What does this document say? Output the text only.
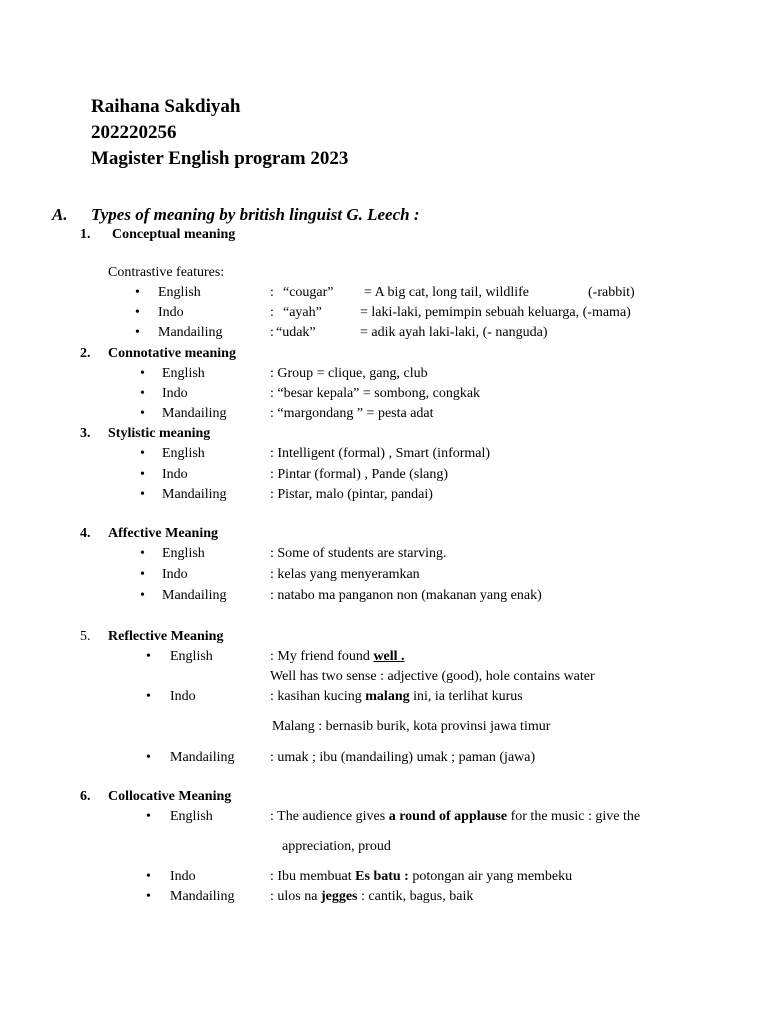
Raihana Sakdiyah
202220256
Magister English program 2023
A. Types of meaning by british linguist G. Leech :
1. Conceptual meaning
Contrastive features:
• English	: “cougar” = A big cat, long tail, wildlife	(-rabbit)
• Indo	: “ayah”	= laki-laki, pemimpin sebuah keluarga, (-mama)
• Mandailing	: “udak”	= adik ayah laki-laki, (- nanguda)
2. Connotative meaning
• English	: Group = clique, gang, club
• Indo	: “besar kepala” = sombong, congkak
• Mandailing	: “margondang ” = pesta adat
3. Stylistic meaning
• English	: Intelligent (formal) , Smart (informal)
• Indo	: Pintar (formal) , Pande (slang)
• Mandailing	: Pistar, malo (pintar, pandai)
4. Affective Meaning
• English	: Some of students are starving.
• Indo	: kelas yang menyeramkan
• Mandailing	: natabo ma panganon non (makanan yang enak)
5. Reflective Meaning
• English	: My friend found well .
Well has two sense : adjective (good), hole contains water
• Indo	: kasihan kucing malang ini, ia terlihat kurus
Malang : bernasib burik, kota provinsi jawa timur
• Mandailing	: umak ; ibu (mandailing) umak ; paman (jawa)
6. Collocative Meaning
• English	: The audience gives a round of applause for the music : give the
appreciation, proud
• Indo	: Ibu membuat Es batu : potongan air yang membeku
• Mandailing	: ulos na jegges : cantik, bagus, baik
